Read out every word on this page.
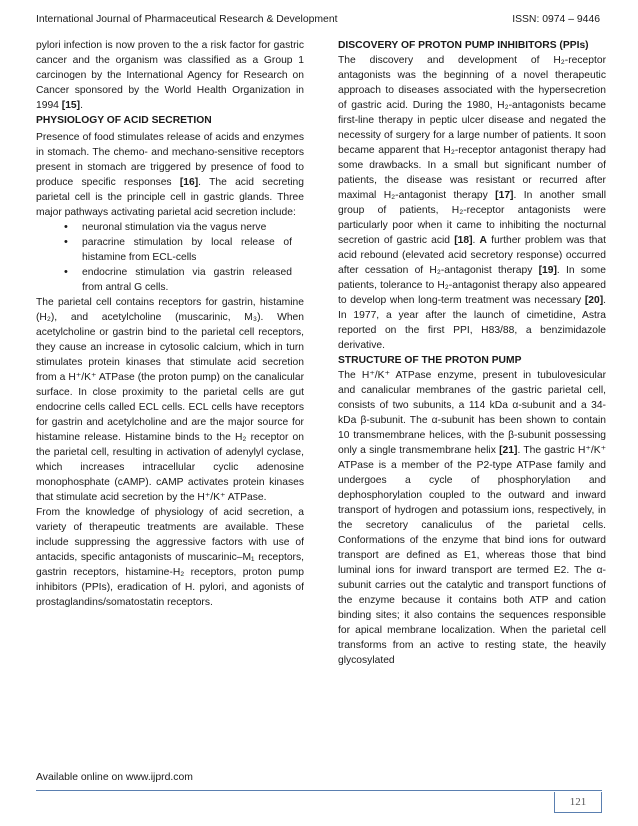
International Journal of Pharmaceutical Research & Development	ISSN: 0974 – 9446

pylori infection is now proven to the a risk factor for gastric cancer and the organism was classified as a Group 1 carcinogen by the International Agency for Research on Cancer sponsored by the World Health Organization in 1994 [15].

PHYSIOLOGY OF ACID SECRETION

Presence of food stimulates release of acids and enzymes in stomach. The chemo- and mechano-sensitive receptors present in stomach are triggered by presence of food to produce specific responses [16]. The acid secreting parietal cell is the principle cell in gastric glands. Three major pathways activating parietal acid secretion include:

• neuronal stimulation via the vagus nerve
• paracrine stimulation by local release of histamine from ECL-cells
• endocrine stimulation via gastrin released from antral G cells.

The parietal cell contains receptors for gastrin, histamine (H₂), and acetylcholine (muscarinic, M₃). When acetylcholine or gastrin bind to the parietal cell receptors, they cause an increase in cytosolic calcium, which in turn stimulates protein kinases that stimulate acid secretion from a H⁺/K⁺ ATPase (the proton pump) on the canalicular surface. In close proximity to the parietal cells are gut endocrine cells called ECL cells. ECL cells have receptors for gastrin and acetylcholine and are the major source for histamine release. Histamine binds to the H₂ receptor on the parietal cell, resulting in activation of adenylyl cyclase, which increases intracellular cyclic adenosine monophosphate (cAMP). cAMP activates protein kinases that stimulate acid secretion by the H⁺/K⁺ ATPase.

From the knowledge of physiology of acid secretion, a variety of therapeutic treatments are available. These include suppressing the aggressive factors with use of antacids, specific antagonists of muscarinic–M₁ receptors, gastrin receptors, histamine-H₂ receptors, proton pump inhibitors (PPIs), eradication of H. pylori, and agonists of prostaglandins/somatostatin receptors.

DISCOVERY OF PROTON PUMP INHIBITORS (PPIs)

The discovery and development of H₂-receptor antagonists was the beginning of a novel therapeutic approach to diseases associated with the hypersecretion of gastric acid. During the 1980, H₂-antagonists became first-line therapy in peptic ulcer disease and negated the necessity of surgery for a large number of patients. It soon became apparent that H₂-receptor antagonist therapy had some drawbacks. In a small but significant number of patients, the disease was resistant or recurred after maximal H₂-antagonist therapy [17]. In another small group of patients, H₂-receptor antagonists were particularly poor when it came to inhibiting the nocturnal secretion of gastric acid [18]. A further problem was that acid rebound (elevated acid secretory response) occurred after cessation of H₂-antagonist therapy [19]. In some patients, tolerance to H₂-antagonist therapy also appeared to develop when long-term treatment was necessary [20]. In 1977, a year after the launch of cimetidine, Astra reported on the first PPI, H83/88, a benzimidazole derivative.

STRUCTURE OF THE PROTON PUMP

The H⁺/K⁺ ATPase enzyme, present in tubulovesicular and canalicular membranes of the gastric parietal cell, consists of two subunits, a 114 kDa α-subunit and a 34-kDa β-subunit. The α-subunit has been shown to contain 10 transmembrane helices, with the β-subunit possessing only a single transmembrane helix [21]. The gastric H⁺/K⁺ ATPase is a member of the P2-type ATPase family and undergoes a cycle of phosphorylation and dephosphorylation coupled to the outward and inward transport of hydrogen and potassium ions, respectively, in the secretory canaliculus of the parietal cells. Conformations of the enzyme that bind ions for outward transport are defined as E1, whereas those that bind luminal ions for inward transport are termed E2. The α-subunit carries out the catalytic and transport functions of the enzyme because it contains both ATP and cation binding sites; it also contains the sequences responsible for apical membrane localization. When the parietal cell transforms from an active to resting state, the heavily glycosylated

Available online on www.ijprd.com
121
